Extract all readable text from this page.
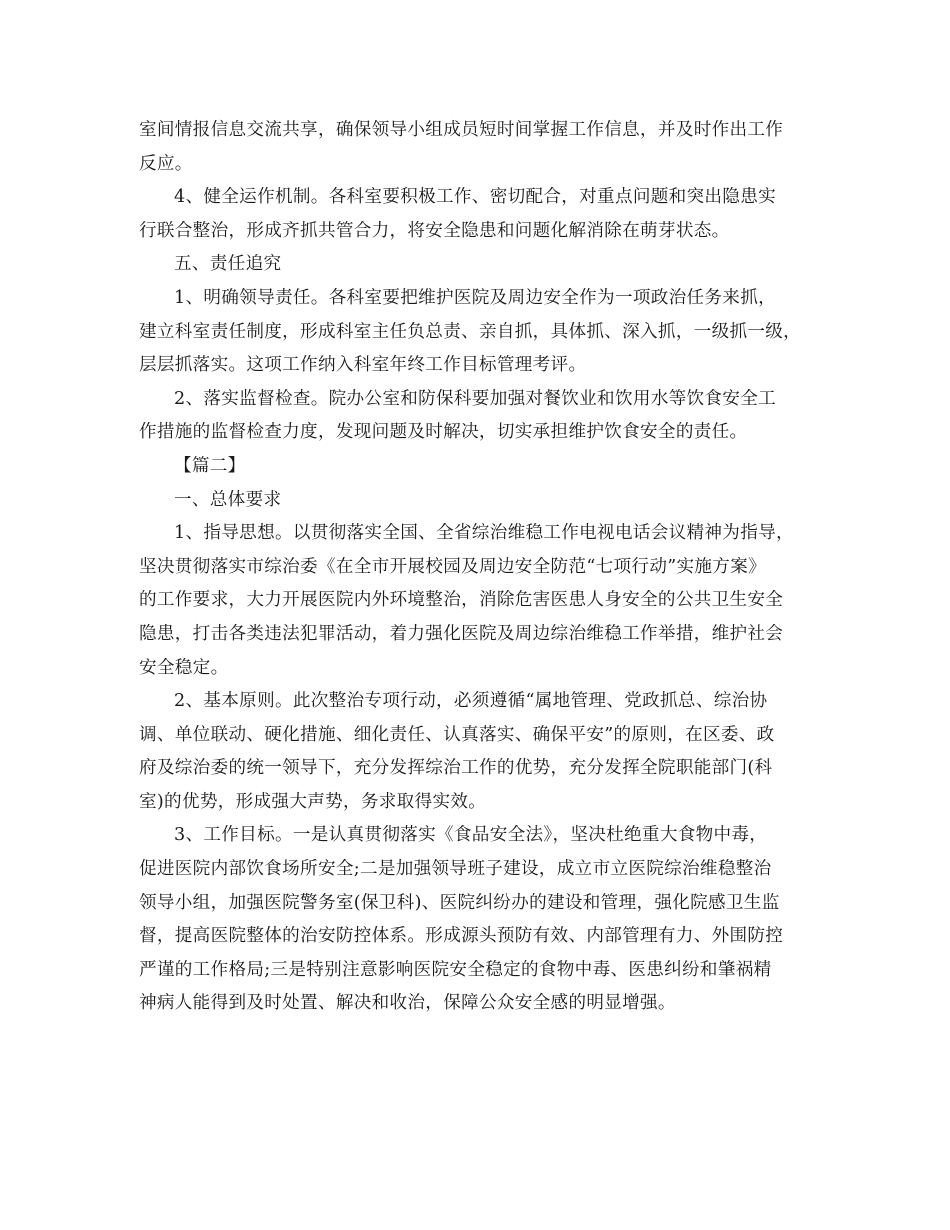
室间情报信息交流共享，确保领导小组成员短时间掌握工作信息，并及时作出工作
反应。
4、健全运作机制。各科室要积极工作、密切配合，对重点问题和突出隐患实
行联合整治，形成齐抓共管合力，将安全隐患和问题化解消除在萌芽状态。
五、责任追究
1、明确领导责任。各科室要把维护医院及周边安全作为一项政治任务来抓，
建立科室责任制度，形成科室主任负总责、亲自抓，具体抓、深入抓，一级抓一级，
层层抓落实。这项工作纳入科室年终工作目标管理考评。
2、落实监督检查。院办公室和防保科要加强对餐饮业和饮用水等饮食安全工
作措施的监督检查力度，发现问题及时解决，切实承担维护饮食安全的责任。
【篇二】
一、总体要求
1、指导思想。以贯彻落实全国、全省综治维稳工作电视电话会议精神为指导，
坚决贯彻落实市综治委《在全市开展校园及周边安全防范“七项行动”实施方案》
的工作要求，大力开展医院内外环境整治，消除危害医患人身安全的公共卫生安全
隐患，打击各类违法犯罪活动，着力强化医院及周边综治维稳工作举措，维护社会
安全稳定。
2、基本原则。此次整治专项行动，必须遵循“属地管理、党政抓总、综治协
调、单位联动、硬化措施、细化责任、认真落实、确保平安”的原则，在区委、政
府及综治委的统一领导下，充分发挥综治工作的优势，充分发挥全院职能部门(科
室)的优势，形成强大声势，务求取得实效。
3、工作目标。一是认真贯彻落实《食品安全法》，坚决杜绝重大食物中毒，
促进医院内部饮食场所安全;二是加强领导班子建设，成立市立医院综治维稳整治
领导小组，加强医院警务室(保卫科)、医院纠纷办的建设和管理，强化院感卫生监
督，提高医院整体的治安防控体系。形成源头预防有效、内部管理有力、外围防控
严谨的工作格局;三是特别注意影响医院安全稳定的食物中毒、医患纠纷和肇祸精
神病人能得到及时处置、解决和收治，保障公众安全感的明显增强。
